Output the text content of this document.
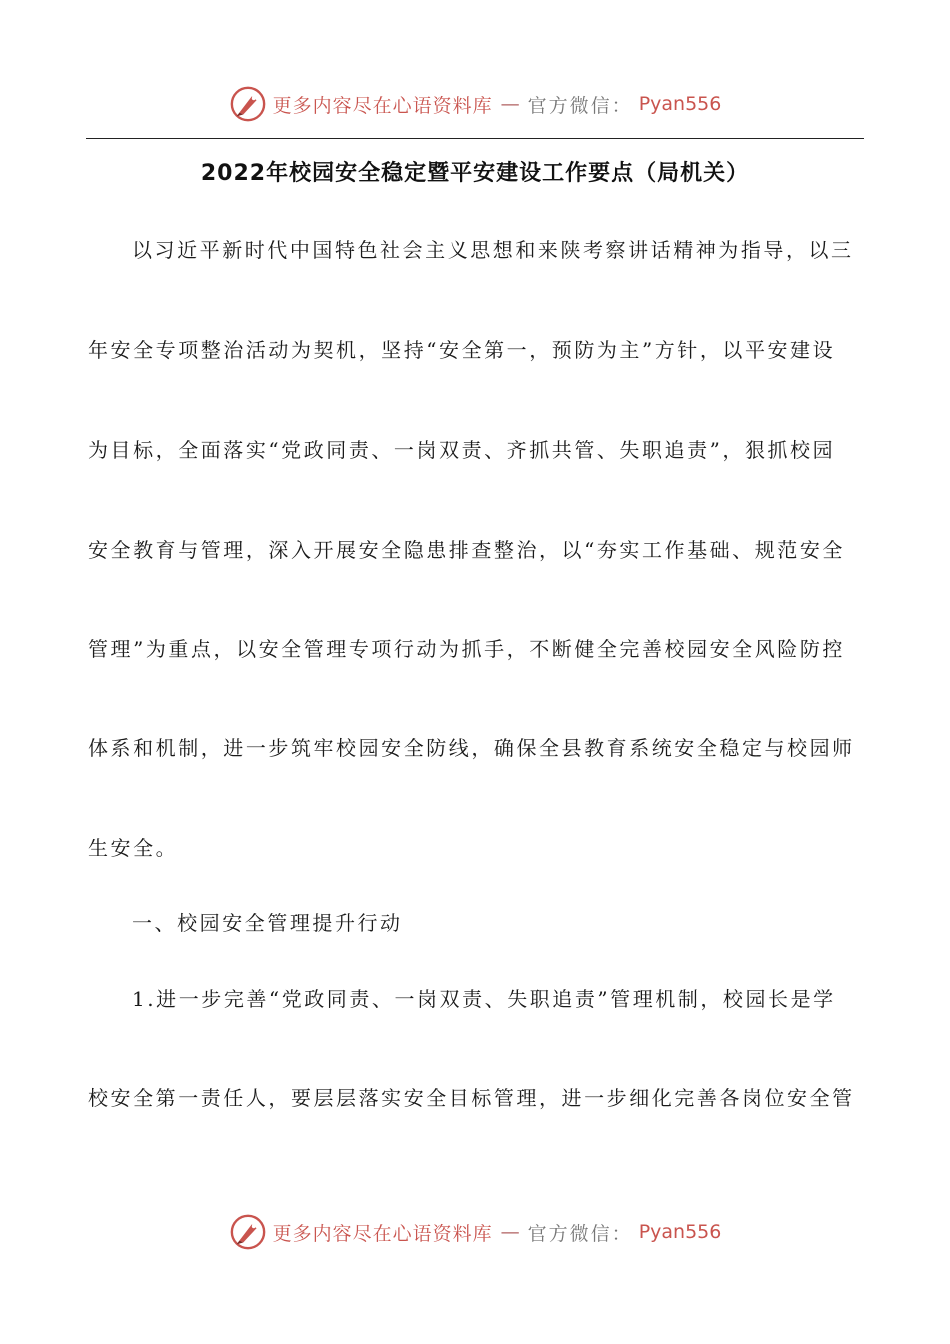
更多内容尽在心语资料库 — 官方微信： Pyan556
2022年校园安全稳定暨平安建设工作要点（局机关）
以习近平新时代中国特色社会主义思想和来陕考察讲话精神为指导，以三
年安全专项整治活动为契机，坚持“安全第一，预防为主”方针，以平安建设
为目标，全面落实“党政同责、一岗双责、齐抓共管、失职追责”，狠抓校园
安全教育与管理，深入开展安全隐患排查整治，以“夯实工作基础、规范安全
管理”为重点，以安全管理专项行动为抓手，不断健全完善校园安全风险防控
体系和机制，进一步筑牢校园安全防线，确保全县教育系统安全稳定与校园师
生安全。
一、校园安全管理提升行动
1.进一步完善“党政同责、一岗双责、失职追责”管理机制，校园长是学
校安全第一责任人，要层层落实安全目标管理，进一步细化完善各岗位安全管
更多内容尽在心语资料库 — 官方微信： Pyan556
